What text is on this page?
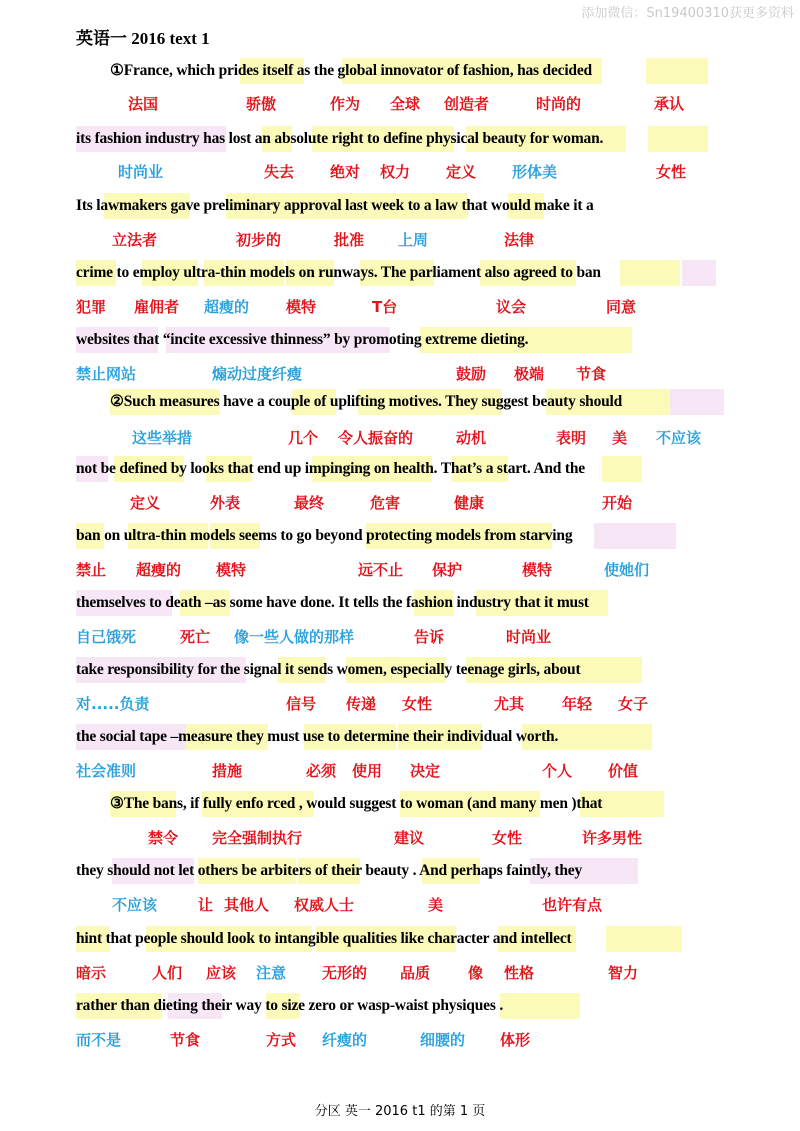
添加微信：Sn19400310获更多资料
英语一 2016 text 1
①France, which prides itself as the global innovator of fashion, has decided
法国	骄傲	作为 全球 创造者	时尚的	承认
its fashion industry has lost an absolute right to define physical beauty for woman.
时尚业	失去 绝对 权力 定义 形体美	女性
Its lawmakers gave preliminary approval last week to a law that would make it a
立法者	初步的	批准 上周	法律
crime to employ ultra-thin models on runways. The parliament also agreed to ban
犯罪 雇佣者 超瘦的 模特	T台	议会	同意
websites that “incite excessive thinness” by promoting extreme dieting.
禁止网站	煽动过度纤瘦	鼓励 极端 节食
②Such measures have a couple of uplifting motives. They suggest beauty should
这些举措	几个 令人振奋的	动机	表明 美 不应该
not be defined by looks that end up impinging on health. That’s a start. And the
定义	外表	最终	危害	健康	开始
ban on ultra-thin models seems to go beyond protecting models from starving
禁止 超瘦的 模特	远不止 保护	模特	使她们
themselves to death –as some have done. It tells the fashion industry that it must
自己饿死	死亡 像一些人做的那样	告诉	时尚业
take responsibility for the signal it sends women, especially teenage girls, about
对.....负责	信号 传递 女性	尤其	年轻 女子
the social tape –measure they must use to determine their individual worth.
社会准则	措施	必须 使用 决定	个人 价值
③The bans, if fully enfo rced , would suggest to woman (and many men )that
禁令 完全强制执行	建议	女性	许多男性
they should not let others be arbiters of their beauty . And perhaps faintly, they
不应该	让 其他人 权威人士	美	也许有点
hint that people should look to intangible qualities like character and intellect
暗示	人们 应该 注意 无形的 品质	像 性格	智力
rather than dieting their way to size zero or wasp-waist physiques .
而不是	节食	方式 纤瘦的	细腰的 体形
分区 英一 2016 t1 的第 1 页
